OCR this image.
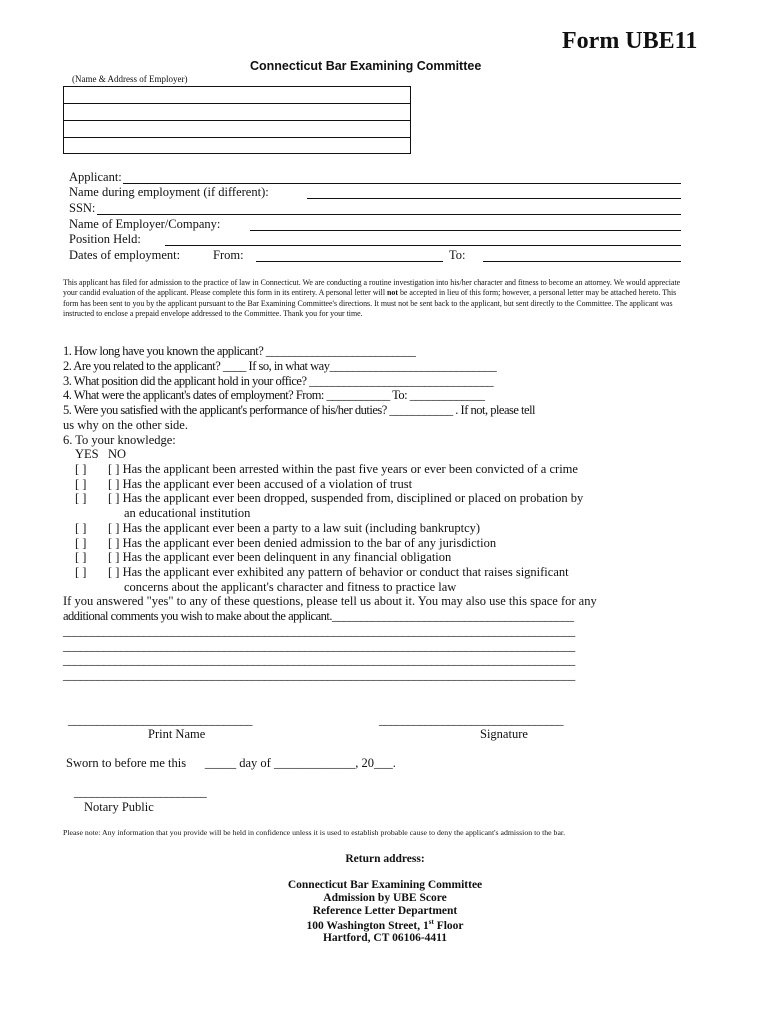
Form UBE11
Connecticut Bar Examining Committee
(Name & Address of Employer)
Applicant:
Name during employment (if different):
SSN:
Name of Employer/Company:
Position Held:
Dates of employment:	From:	To:
This applicant has filed for admission to the practice of law in Connecticut. We are conducting a routine investigation into his/her character and fitness to become an attorney. We would appreciate your candid evaluation of the applicant. Please complete this form in its entirety. A personal letter will not be accepted in lieu of this form; however, a personal letter may be attached hereto. This form has been sent to you by the applicant pursuant to the Bar Examining Committee's directions. It must not be sent back to the applicant, but sent directly to the Committee. The applicant was instructed to enclose a prepaid envelope addressed to the Committee. Thank you for your time.
1. How long have you known the applicant? __________________________
2. Are you related to the applicant? ____ If so, in what way_____________________________
3. What position did the applicant hold in your office? ________________________________
4. What were the applicant's dates of employment? From: ___________ To: _____________
5. Were you satisfied with the applicant's performance of his/her duties? ___________ . If not, please tell
us why on the other side.
6. To your knowledge:
YES NO
[ ] [ ] Has the applicant been arrested within the past five years or ever been convicted of a crime
[ ] [ ] Has the applicant ever been accused of a violation of trust
[ ] [ ] Has the applicant ever been dropped, suspended from, disciplined or placed on probation by
an educational institution
[ ] [ ] Has the applicant ever been a party to a law suit (including bankruptcy)
[ ] [ ] Has the applicant ever been denied admission to the bar of any jurisdiction
[ ] [ ] Has the applicant ever been delinquent in any financial obligation
[ ] [ ] Has the applicant ever exhibited any pattern of behavior or conduct that raises significant
concerns about the applicant's character and fitness to practice law
If you answered "yes" to any of these questions, please tell us about it. You may also use this space for any
additional comments you wish to make about the applicant.__________________________________________
_________________________________________________________________________________________
_________________________________________________________________________________________
_________________________________________________________________________________________
_________________________________________________________________________________________
________________________________
Print Name
________________________________
Signature
Sworn to before me this      _____ day of _____________, 20___.
_______________________
Notary Public
Please note: Any information that you provide will be held in confidence unless it is used to establish probable cause to deny the applicant's admission to the bar.
Return address:
Connecticut Bar Examining Committee
Admission by UBE Score
Reference Letter Department
100 Washington Street, 1st Floor
Hartford, CT 06106-4411
